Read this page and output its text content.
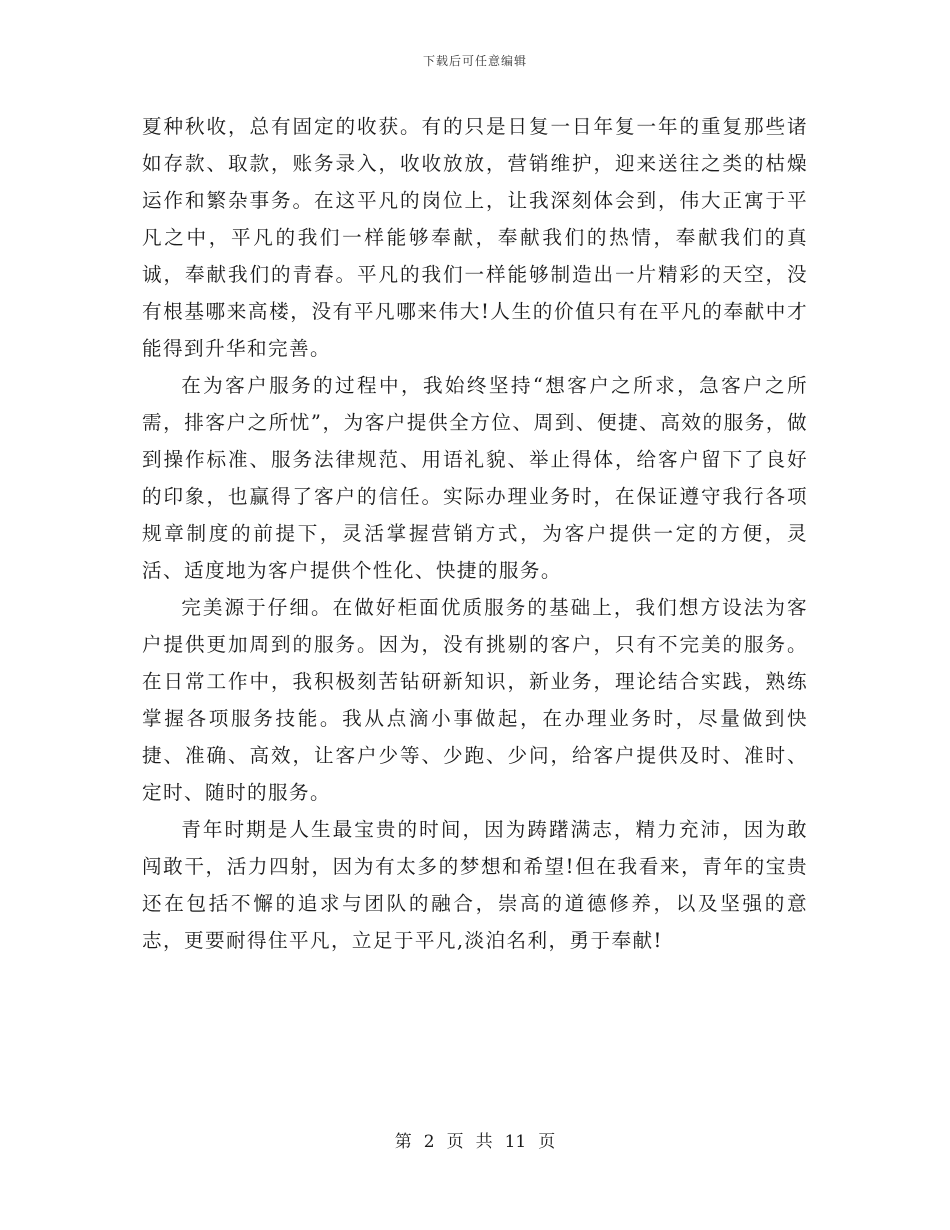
下载后可任意编辑

夏种秋收，总有固定的收获。有的只是日复一日年复一年的重复那些诸如存款、取款，账务录入，收收放放，营销维护，迎来送往之类的枯燥运作和繁杂事务。在这平凡的岗位上，让我深刻体会到，伟大正寓于平凡之中，平凡的我们一样能够奉献，奉献我们的热情，奉献我们的真诚，奉献我们的青春。平凡的我们一样能够制造出一片精彩的天空，没有根基哪来高楼，没有平凡哪来伟大!人生的价值只有在平凡的奉献中才能得到升华和完善。

在为客户服务的过程中，我始终坚持“想客户之所求，急客户之所需，排客户之所忧”，为客户提供全方位、周到、便捷、高效的服务，做到操作标准、服务法律规范、用语礼貌、举止得体，给客户留下了良好的印象，也赢得了客户的信任。实际办理业务时，在保证遵守我行各项规章制度的前提下，灵活掌握营销方式，为客户提供一定的方便，灵活、适度地为客户提供个性化、快捷的服务。

完美源于仔细。在做好柜面优质服务的基础上，我们想方设法为客户提供更加周到的服务。因为，没有挑剔的客户，只有不完美的服务。在日常工作中，我积极刻苦钻研新知识，新业务，理论结合实践，熟练掌握各项服务技能。我从点滴小事做起，在办理业务时，尽量做到快捷、准确、高效，让客户少等、少跑、少问，给客户提供及时、准时、定时、随时的服务。

青年时期是人生最宝贵的时间，因为踌躇满志，精力充沛，因为敢闯敢干，活力四射，因为有太多的梦想和希望!但在我看来，青年的宝贵还在包括不懈的追求与团队的融合，崇高的道德修养，以及坚强的意志，更要耐得住平凡，立足于平凡,淡泊名利，勇于奉献!

第 2 页 共 11 页
